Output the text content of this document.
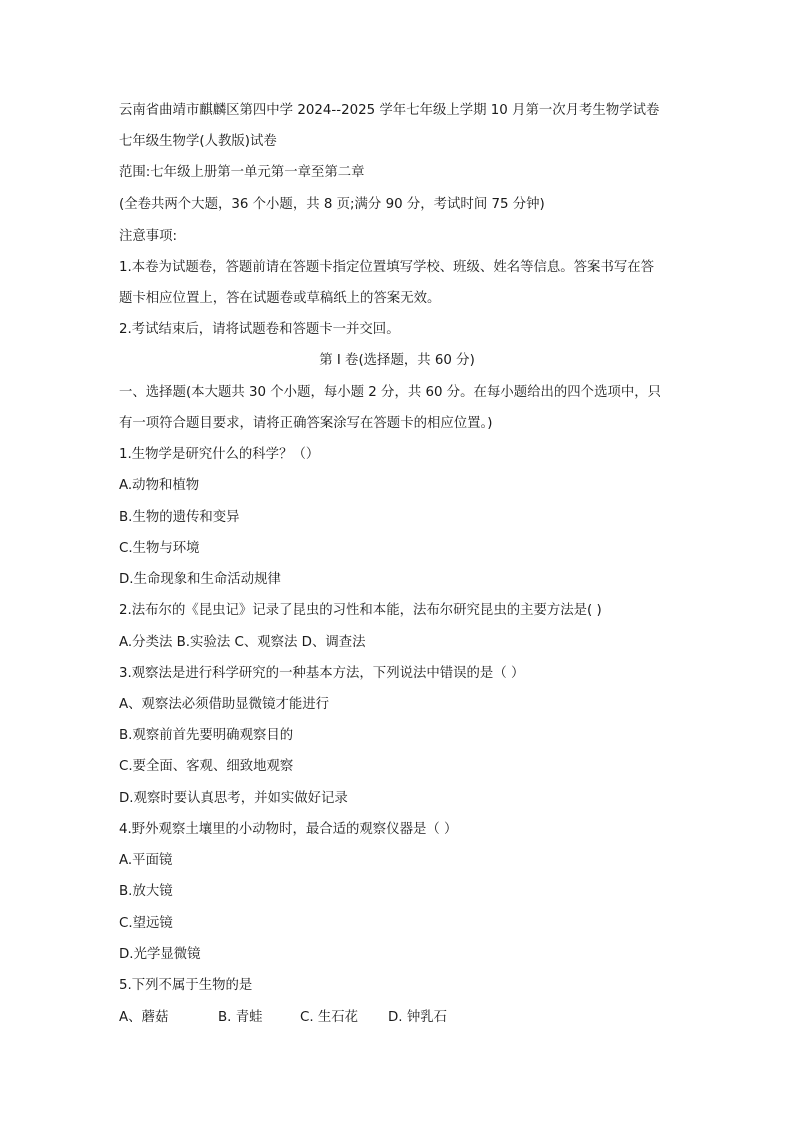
云南省曲靖市麒麟区第四中学 2024--2025 学年七年级上学期 10 月第一次月考生物学试卷
七年级生物学(人教版)试卷
范围:七年级上册第一单元第一章至第二章
(全卷共两个大题，36 个小题，共 8 页;满分 90 分，考试时间 75 分钟)
注意事项:
1.本卷为试题卷，答题前请在答题卡指定位置填写学校、班级、姓名等信息。答案书写在答
题卡相应位置上，答在试题卷或草稿纸上的答案无效。
2.考试结束后，请将试题卷和答题卡一并交回。
第 I 卷(选择题，共 60 分)
一、选择题(本大题共 30 个小题，每小题 2 分，共 60 分。在每小题给出的四个选项中，只
有一项符合题目要求，请将正确答案涂写在答题卡的相应位置。)
1.生物学是研究什么的科学？（）
A.动物和植物
B.生物的遗传和变异
C.生物与环境
D.生命现象和生命活动规律
2.法布尔的《昆虫记》记录了昆虫的习性和本能，法布尔研究昆虫的主要方法是( )
A.分类法 B.实验法 C、观察法 D、调查法
3.观察法是进行科学研究的一种基本方法，下列说法中错误的是（ ）
A、观察法必须借助显微镜才能进行
B.观察前首先要明确观察目的
C.要全面、客观、细致地观察
D.观察时要认真思考，并如实做好记录
4.野外观察土壤里的小动物时，最合适的观察仪器是（ ）
A.平面镜
B.放大镜
C.望远镜
D.光学显微镜
5.下列不属于生物的是
A、蘑菇	B. 青蛙	C. 生石花 D. 钟乳石
